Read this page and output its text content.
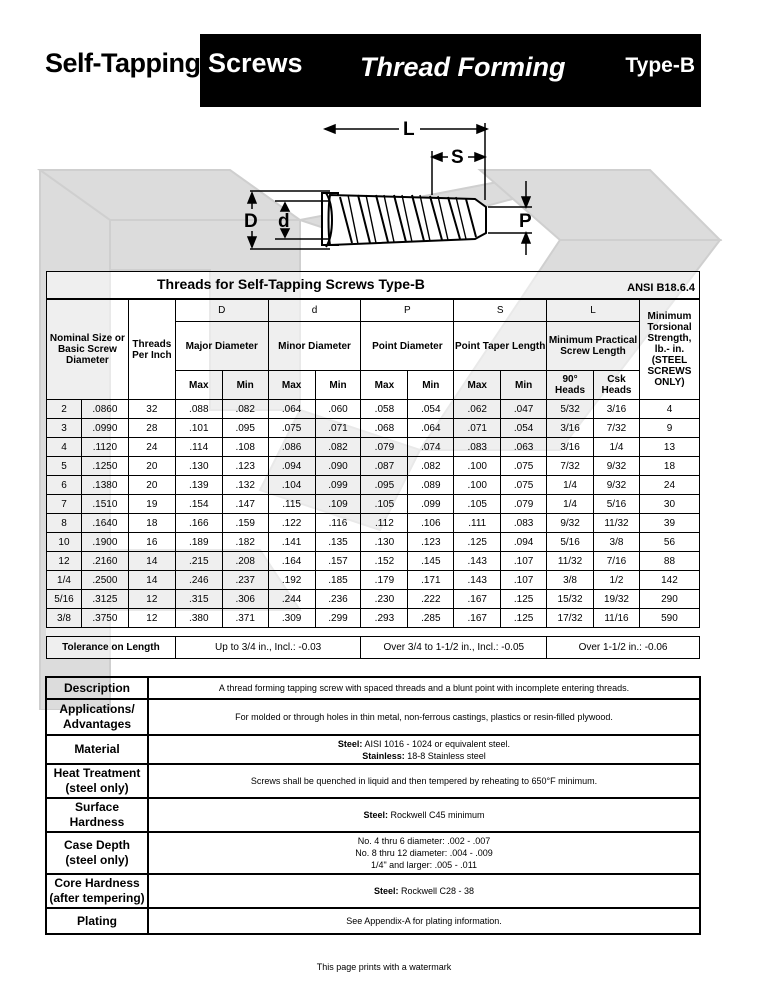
Self-Tapping Screws Thread Forming	Type-B
L
S
D d	P
Threads for Self-Tapping Screws Type-B ANSI B18.6.4													

Nominal Size or Basic Screw Diameter		Threads Per Inch	D		d		P		S		L		Minimum Torsional Strength, lb.- in. (STEEL SCREWS ONLY)
			Major Diameter		Minor Diameter		Point Diameter		Point Taper Length		Minimum Practical Screw Length		
			Max	Min	Max	Min	Max	Min	Max	Min	90° Heads	Csk Heads	
2	.0860	32	.088	.082	.064	.060	.058	.054	.062	.047	5/32	3/16	4
3	.0990	28	.101	.095	.075	.071	.068	.064	.071	.054	3/16	7/32	9
4	.1120	24	.114	.108	.086	.082	.079	.074	.083	.063	3/16	1/4	13
5	.1250	20	.130	.123	.094	.090	.087	.082	.100	.075	7/32	9/32	18
6	.1380	20	.139	.132	.104	.099	.095	.089	.100	.075	1/4	9/32	24
7	.1510	19	.154	.147	.115	.109	.105	.099	.105	.079	1/4	5/16	30
8	.1640	18	.166	.159	.122	.116	.112	.106	.111	.083	9/32	11/32	39
10	.1900	16	.189	.182	.141	.135	.130	.123	.125	.094	5/16	3/8	56
12	.2160	14	.215	.208	.164	.157	.152	.145	.143	.107	11/32	7/16	88
1/4	.2500	14	.246	.237	.192	.185	.179	.171	.143	.107	3/8	1/2	142
5/16	.3125	12	.315	.306	.244	.236	.230	.222	.167	.125	15/32	19/32	290
3/8	.3750	12	.380	.371	.309	.299	.293	.285	.167	.125	17/32	11/16	590

Tolerance on Length			Up to 3/4 in., Incl.: -0.03				Over 3/4 to 1-1/2 in., Incl.: -0.05				Over 1-1/2 in.: -0.06		
Description	A thread forming tapping screw with spaced threads and a blunt point with incomplete entering threads.
Applications/ Advantages	For molded or through holes in thin metal, non-ferrous castings, plastics or resin-filled plywood.
Material	Steel: AISI 1016 - 1024 or equivalent steel.
Stainless: 18-8 Stainless steel

Heat Treatment (steel only)	Screws shall be quenched in liquid and then tempered by reheating to 650°F minimum.
Surface Hardness	Steel: Rockwell C45 minimum
Case Depth (steel only)	No. 4 thru 6 diameter: .002 - .007
No. 8 thru 12 diameter: .004 - .009
1/4" and larger: .005 - .011

Core Hardness (after tempering)	Steel: Rockwell C28 - 38
Plating	See Appendix-A for plating information.
This page prints with a watermark
